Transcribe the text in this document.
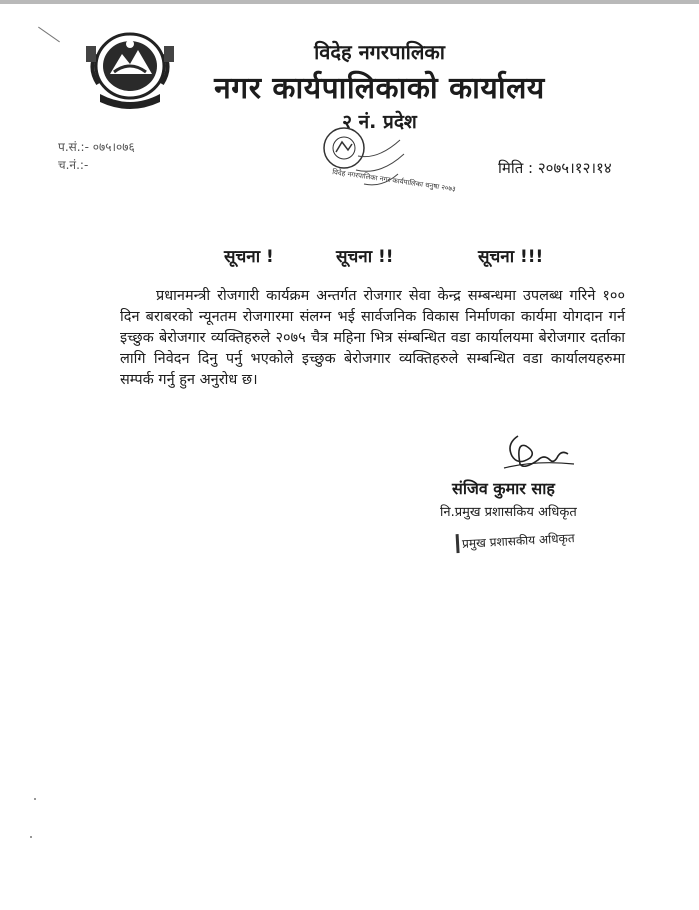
विदेह नगरपालिका
नगर कार्यपालिकाको कार्यालय
२ नं. प्रदेश
विदेह नगरपालिका नगर कार्यपालिका धनुषा २०७३
प.सं.:- ०७५।०७६
च.नं.:-	मिति : २०७५।१२।१४
सूचना !	सूचना !!	सूचना !!!
प्रधानमन्त्री रोजगारी कार्यक्रम अन्तर्गत रोजगार सेवा केन्द्र सम्बन्धमा उपलब्ध गरिने १०० दिन बराबरको न्यूनतम रोजगारमा संलग्न भई सार्वजनिक विकास निर्माणका कार्यमा योगदान गर्न इच्छुक बेरोजगार व्यक्तिहरुले २०७५ चैत्र महिना भित्र संम्बन्धित वडा कार्यालयमा बेरोजगार दर्ताका लागि निवेदन दिनु पर्नु भएकोले इच्छुक बेरोजगार व्यक्तिहरुले सम्बन्धित वडा कार्यालयहरुमा सम्पर्क गर्नु हुन अनुरोध छ।
संजिव कुमार साह
नि.प्रमुख प्रशासकिय अधिकृत
प्रमुख प्रशासकीय अधिकृत
